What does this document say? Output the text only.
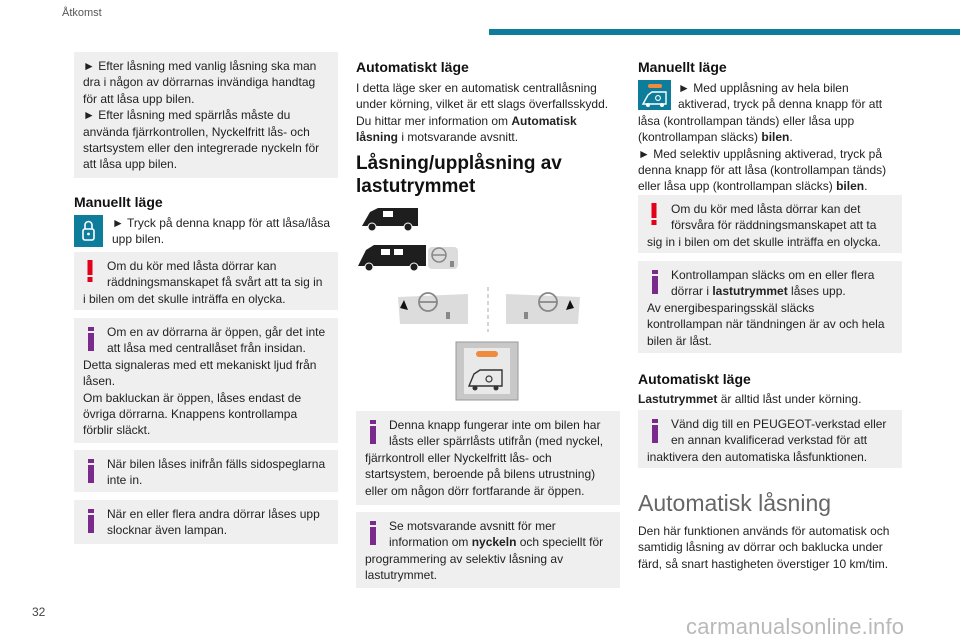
Åtkomst
► Efter låsning med vanlig låsning ska man
dra i någon av dörrarnas invändiga handtag
för att låsa upp bilen.
► Efter låsning med spärrlås måste du
använda fjärrkontrollen, Nyckelfritt lås- och
startsystem eller den integrerade nyckeln för
att låsa upp bilen.
Manuellt läge
► Tryck på denna knapp för att låsa/låsa
upp bilen.
Om du kör med låsta dörrar kan
räddningsmanskapet få svårt att ta sig in
i bilen om det skulle inträffa en olycka.
Om en av dörrarna är öppen, går det inte
att låsa med centrallåset från insidan.
Detta signaleras med ett mekaniskt ljud från
låsen.
Om bakluckan är öppen, låses endast de
övriga dörrarna. Knappens kontrollampa
förblir släckt.
När bilen låses inifrån fälls sidospeglarna
inte in.
När en eller flera andra dörrar låses upp
slocknar även lampan.
Automatiskt läge
I detta läge sker en automatisk centrallåsning
under körning, vilket är ett slags överfallsskydd.
Du hittar mer information om Automatisk
låsning i motsvarande avsnitt.
Låsning/upplåsning av
lastutrymmet
Denna knapp fungerar inte om bilen har
låsts eller spärrlåsts utifrån (med nyckel,
fjärrkontroll eller Nyckelfritt lås- och
startsystem, beroende på bilens utrustning)
eller om någon dörr fortfarande är öppen.
Se motsvarande avsnitt för mer
information om nyckeln och speciellt för
programmering av selektiv låsning av
lastutrymmet.
Manuellt läge
► Med upplåsning av hela bilen
aktiverad, tryck på denna knapp för att
låsa (kontrollampan tänds) eller låsa upp
(kontrollampan släcks) bilen.
► Med selektiv upplåsning aktiverad, tryck på
denna knapp för att låsa (kontrollampan tänds)
eller låsa upp (kontrollampan släcks) bilen.
Om du kör med låsta dörrar kan det
försvåra för räddningsmanskapet att ta
sig in i bilen om det skulle inträffa en olycka.
Kontrollampan släcks om en eller flera
dörrar i lastutrymmet låses upp.
Av energibesparingsskäl släcks
kontrollampan när tändningen är av och hela
bilen är låst.
Automatiskt läge
Lastutrymmet är alltid låst under körning.
Vänd dig till en PEUGEOT-verkstad eller
en annan kvalificerad verkstad för att
inaktivera den automatiska låsfunktionen.
Automatisk låsning
Den här funktionen används för automatisk och
samtidig låsning av dörrar och baklucka under
färd, så snart hastigheten överstiger 10 km/tim.
32
carmanualsonline.info
